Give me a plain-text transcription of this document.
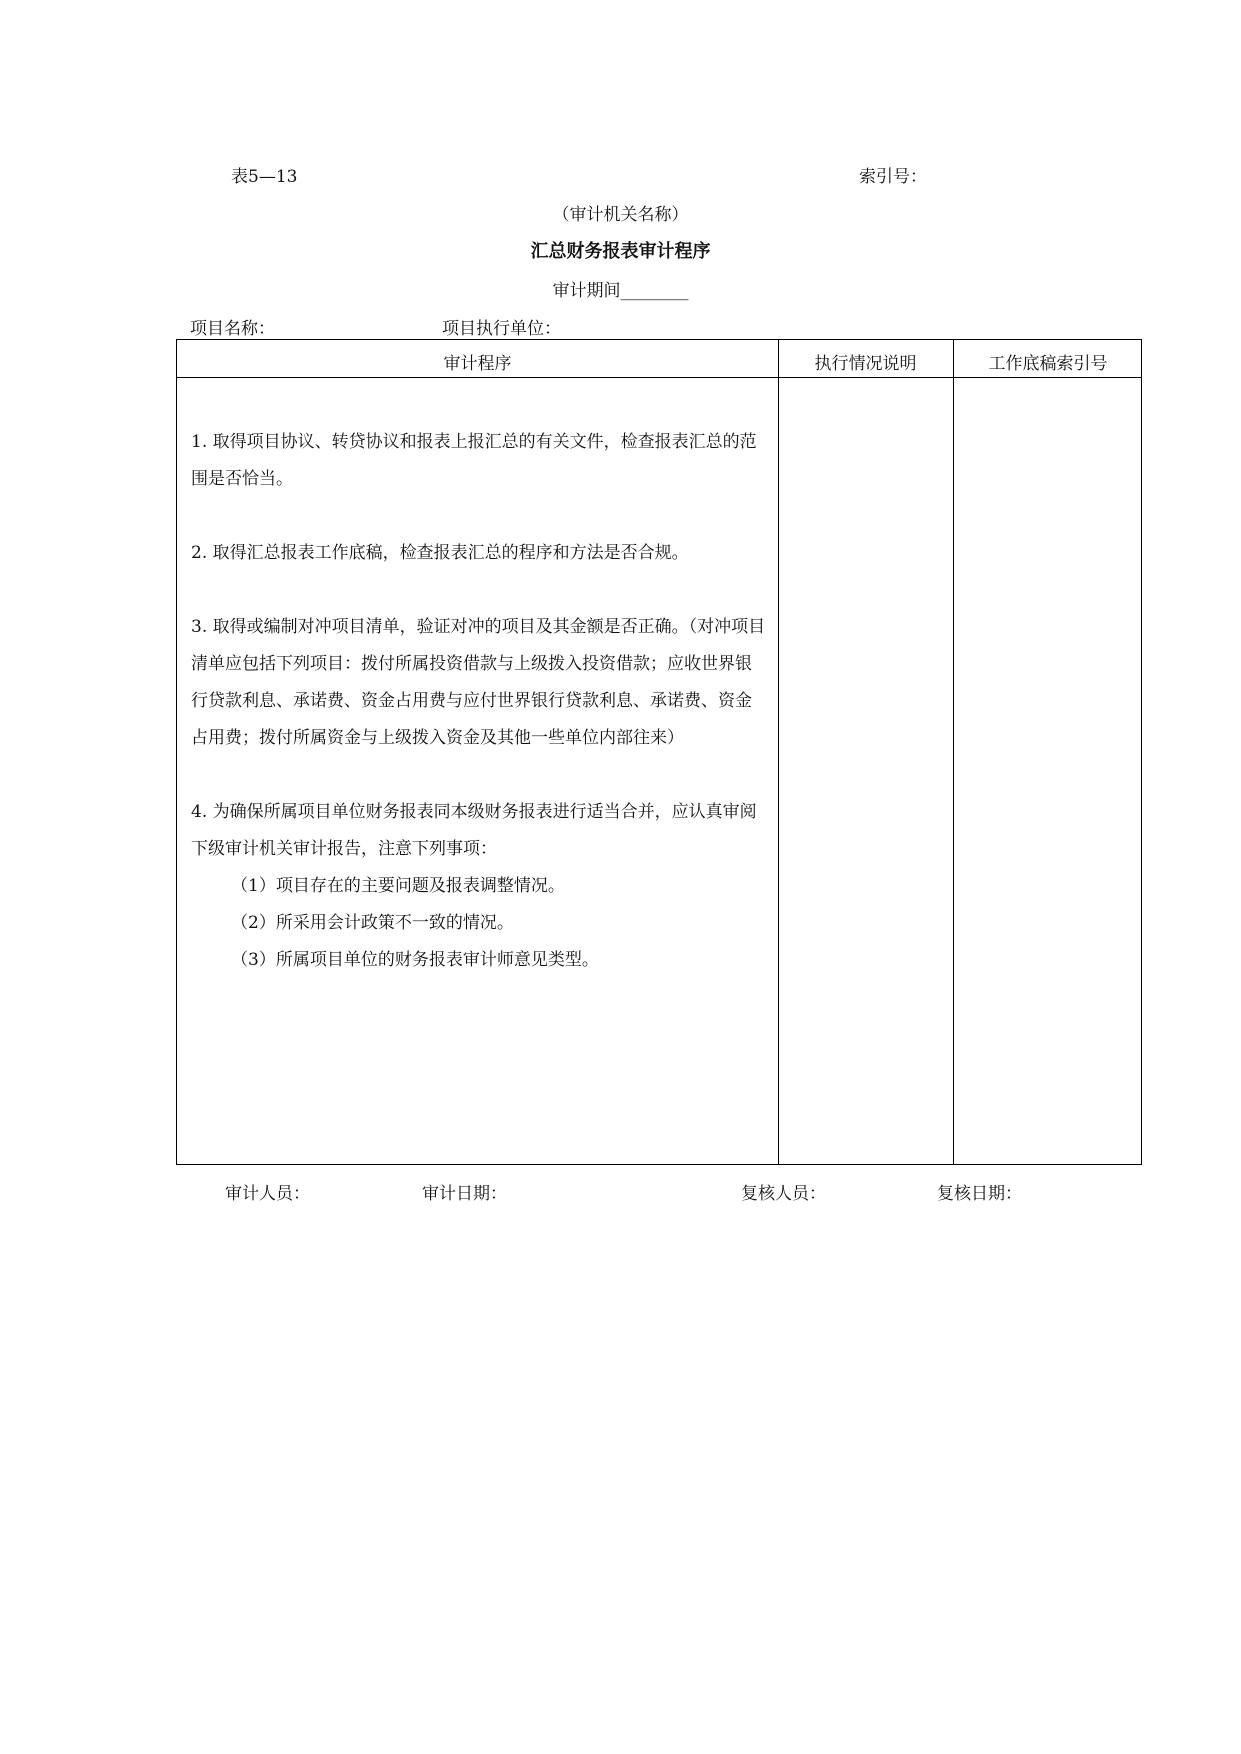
表5—13	索引号：
（审计机关名称）
汇总财务报表审计程序
审计期间________
项目名称：	项目执行单位：
审计程序	执行情况说明	工作底稿索引号
1. 取得项目协议、转贷协议和报表上报汇总的有关文件，检查报表汇总的范围是否恰当。
2. 取得汇总报表工作底稿，检查报表汇总的程序和方法是否合规。
3. 取得或编制对冲项目清单，验证对冲的项目及其金额是否正确。（对冲项目清单应包括下列项目：拨付所属投资借款与上级拨入投资借款；应收世界银行贷款利息、承诺费、资金占用费与应付世界银行贷款利息、承诺费、资金占用费；拨付所属资金与上级拨入资金及其他一些单位内部往来）
4. 为确保所属项目单位财务报表同本级财务报表进行适当合并，应认真审阅下级审计机关审计报告，注意下列事项：
（1）项目存在的主要问题及报表调整情况。
（2）所采用会计政策不一致的情况。
（3）所属项目单位的财务报表审计师意见类型。
审计人员：	审计日期：	复核人员：	复核日期：
